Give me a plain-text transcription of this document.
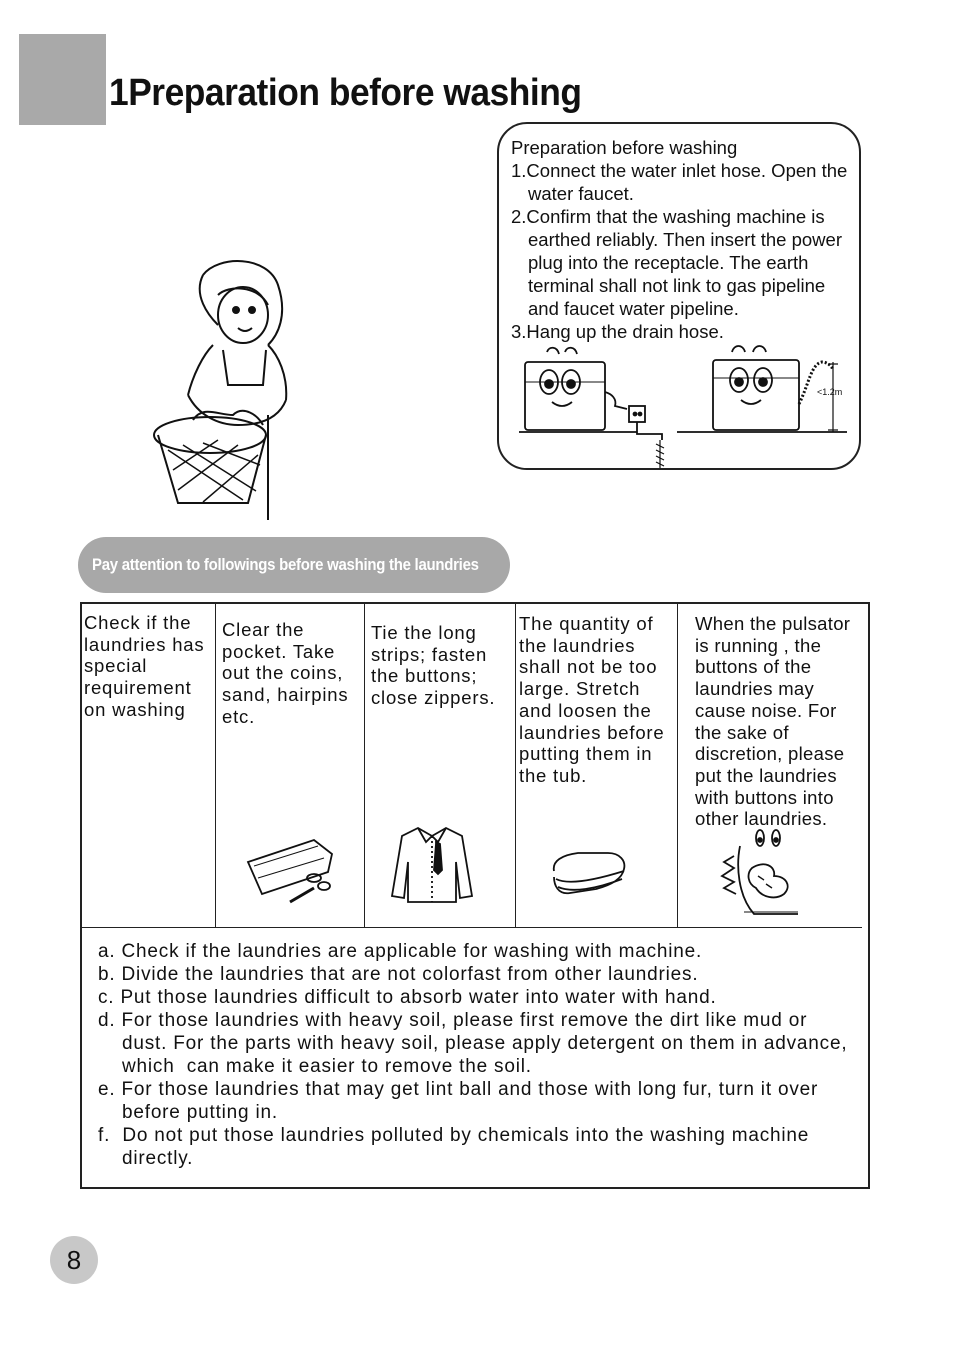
1Preparation before washing
Preparation before washing
1.Connect the water inlet hose. Open the water faucet.
2.Confirm that the washing machine is earthed reliably. Then insert the power plug into the receptacle. The earth terminal shall not link to gas pipeline and faucet water pipeline.
3.Hang up the drain hose.
<1.2m
Pay attention to followings before washing the laundries
Check if the laundries has special requirement on washing
Clear the pocket. Take out the coins, sand, hairpins etc.
Tie the long strips; fasten the buttons; close zippers.
The quantity of the laundries shall not be too large. Stretch and loosen the laundries before putting them in the tub.
When the pulsator is running , the buttons of the laundries may cause noise. For the sake of discretion, please put the laundries with buttons into other laundries.
a. Check if the laundries are applicable for washing with machine.
b. Divide the laundries that are not colorfast from other laundries.
c. Put those laundries difficult to absorb water into water with hand.
d. For those laundries with heavy soil, please first remove the dirt like mud or dust. For the parts with heavy soil, please apply detergent on them in advance, which  can make it easier to remove the soil.
e. For those laundries that may get lint ball and those with long fur, turn it over before putting in.
f.  Do not put those laundries polluted by chemicals into the washing machine directly.
8
